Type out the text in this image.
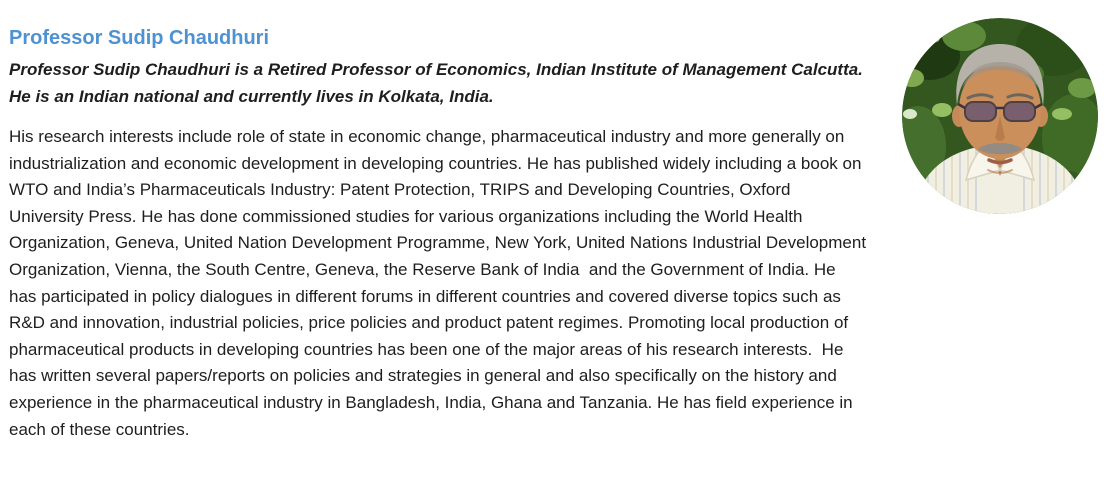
Professor Sudip Chaudhuri

Professor Sudip Chaudhuri is a Retired Professor of Economics, Indian Institute of Management Calcutta. He is an Indian national and currently lives in Kolkata, India.

His research interests include role of state in economic change, pharmaceutical industry and more generally on industrialization and economic development in developing countries. He has published widely including a book on WTO and India’s Pharmaceuticals Industry: Patent Protection, TRIPS and Developing Countries, Oxford University Press. He has done commissioned studies for various organizations including the World Health Organization, Geneva, United Nation Development Programme, New York, United Nations Industrial Development Organization, Vienna, the South Centre, Geneva, the Reserve Bank of India  and the Government of India. He has participated in policy dialogues in different forums in different countries and covered diverse topics such as R&D and innovation, industrial policies, price policies and product patent regimes. Promoting local production of pharmaceutical products in developing countries has been one of the major areas of his research interests.  He has written several papers/reports on policies and strategies in general and also specifically on the history and experience in the pharmaceutical industry in Bangladesh, India, Ghana and Tanzania. He has field experience in each of these countries.
